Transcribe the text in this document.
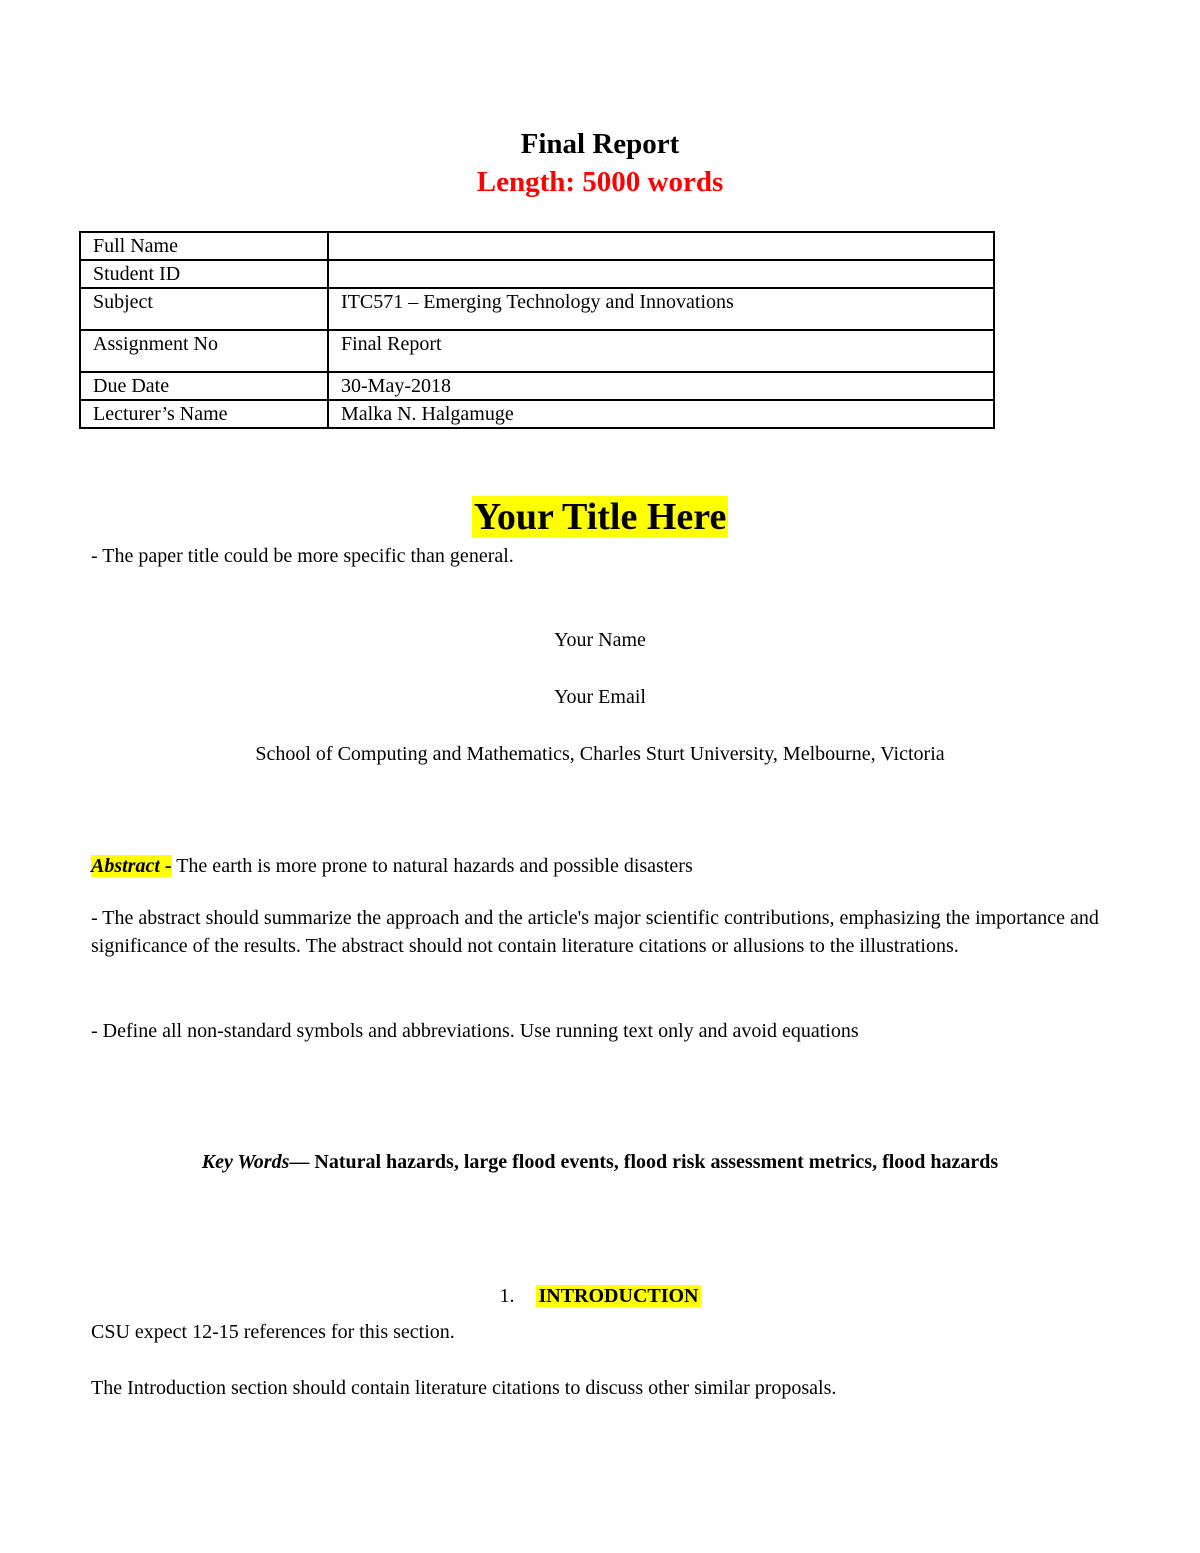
Final Report
Length: 5000 words
Full Name	
Student ID	
Subject	ITC571 – Emerging Technology and Innovations
Assignment No	Final Report
Due Date	30-May-2018
Lecturer’s Name	Malka N. Halgamuge
Your Title Here
- The paper title could be more specific than general.
Your Name
Your Email
School of Computing and Mathematics, Charles Sturt University, Melbourne, Victoria
Abstract - The earth is more prone to natural hazards and possible disasters
- The abstract should summarize the approach and the article's major scientific contributions, emphasizing the importance and significance of the results. The abstract should not contain literature citations or allusions to the illustrations.
- Define all non-standard symbols and abbreviations. Use running text only and avoid equations
Key Words— Natural hazards, large flood events, flood risk assessment metrics, flood hazards
1. INTRODUCTION
CSU expect 12-15 references for this section.
The Introduction section should contain literature citations to discuss other similar proposals.
